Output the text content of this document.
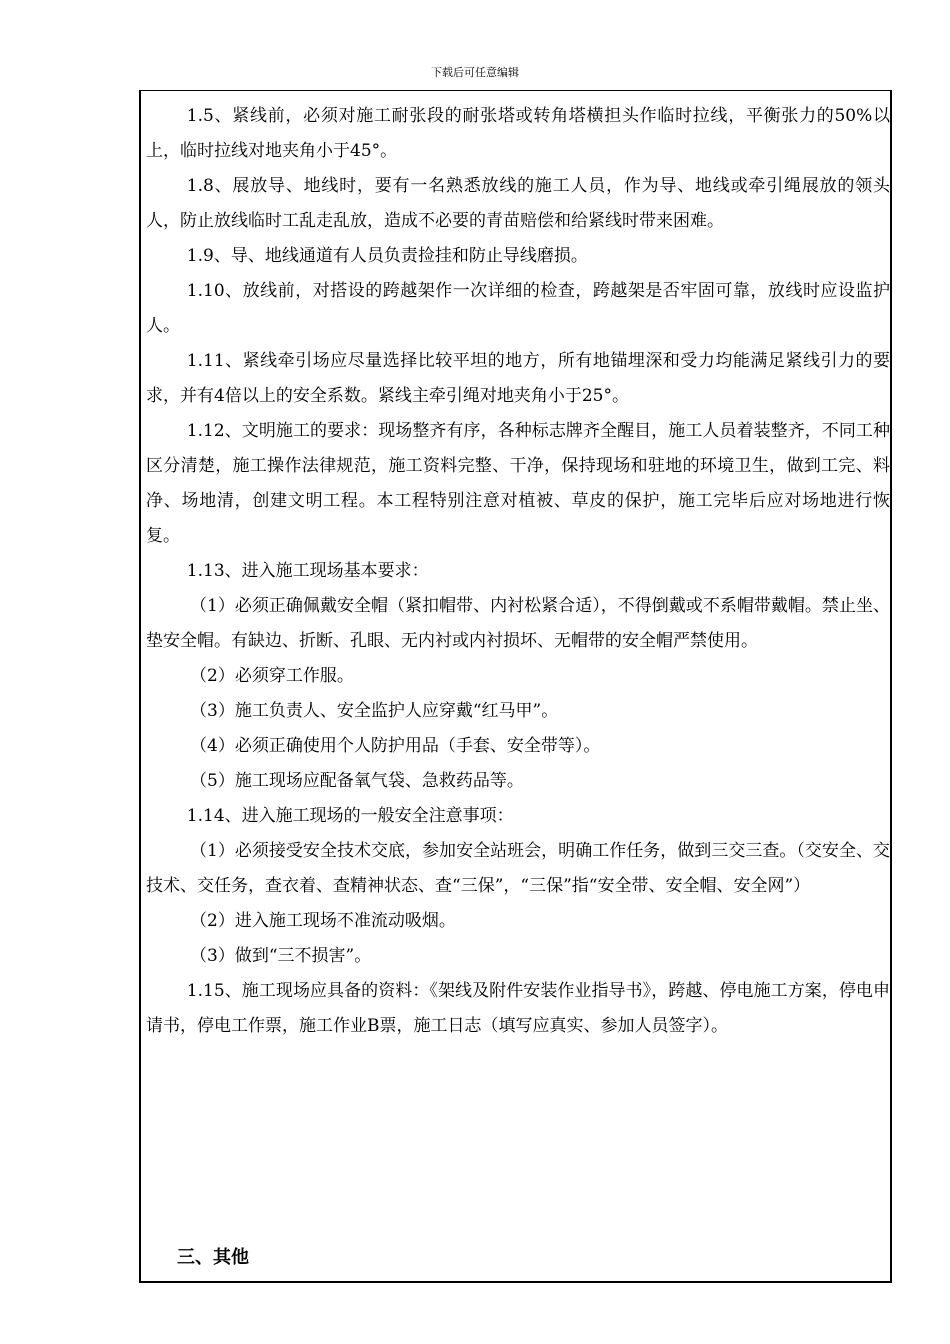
下载后可任意编辑

1.5、紧线前，必须对施工耐张段的耐张塔或转角塔横担头作临时拉线，平衡张力的50%以上，临时拉线对地夹角小于45°。

1.8、展放导、地线时，要有一名熟悉放线的施工人员，作为导、地线或牵引绳展放的领头人，防止放线临时工乱走乱放，造成不必要的青苗赔偿和给紧线时带来困难。

1.9、导、地线通道有人员负责捡挂和防止导线磨损。

1.10、放线前，对搭设的跨越架作一次详细的检查，跨越架是否牢固可靠，放线时应设监护人。

1.11、紧线牵引场应尽量选择比较平坦的地方，所有地锚埋深和受力均能满足紧线引力的要求，并有4倍以上的安全系数。紧线主牵引绳对地夹角小于25°。

1.12、文明施工的要求：现场整齐有序，各种标志牌齐全醒目，施工人员着装整齐，不同工种区分清楚，施工操作法律规范，施工资料完整、干净，保持现场和驻地的环境卫生，做到工完、料净、场地清，创建文明工程。本工程特别注意对植被、草皮的保护，施工完毕后应对场地进行恢复。

1.13、进入施工现场基本要求：

（1）必须正确佩戴安全帽（紧扣帽带、内衬松紧合适），不得倒戴或不系帽带戴帽。禁止坐、垫安全帽。有缺边、折断、孔眼、无内衬或内衬损坏、无帽带的安全帽严禁使用。

（2）必须穿工作服。

（3）施工负责人、安全监护人应穿戴“红马甲”。

（4）必须正确使用个人防护用品（手套、安全带等）。

（5）施工现场应配备氧气袋、急救药品等。

1.14、进入施工现场的一般安全注意事项：

（1）必须接受安全技术交底，参加安全站班会，明确工作任务，做到三交三查。（交安全、交技术、交任务，查衣着、查精神状态、查“三保”，“三保”指“安全带、安全帽、安全网”）

（2）进入施工现场不准流动吸烟。

（3）做到“三不损害”。

1.15、施工现场应具备的资料：《架线及附件安装作业指导书》，跨越、停电施工方案，停电申请书，停电工作票，施工作业B票，施工日志（填写应真实、参加人员签字）。

三、其他
